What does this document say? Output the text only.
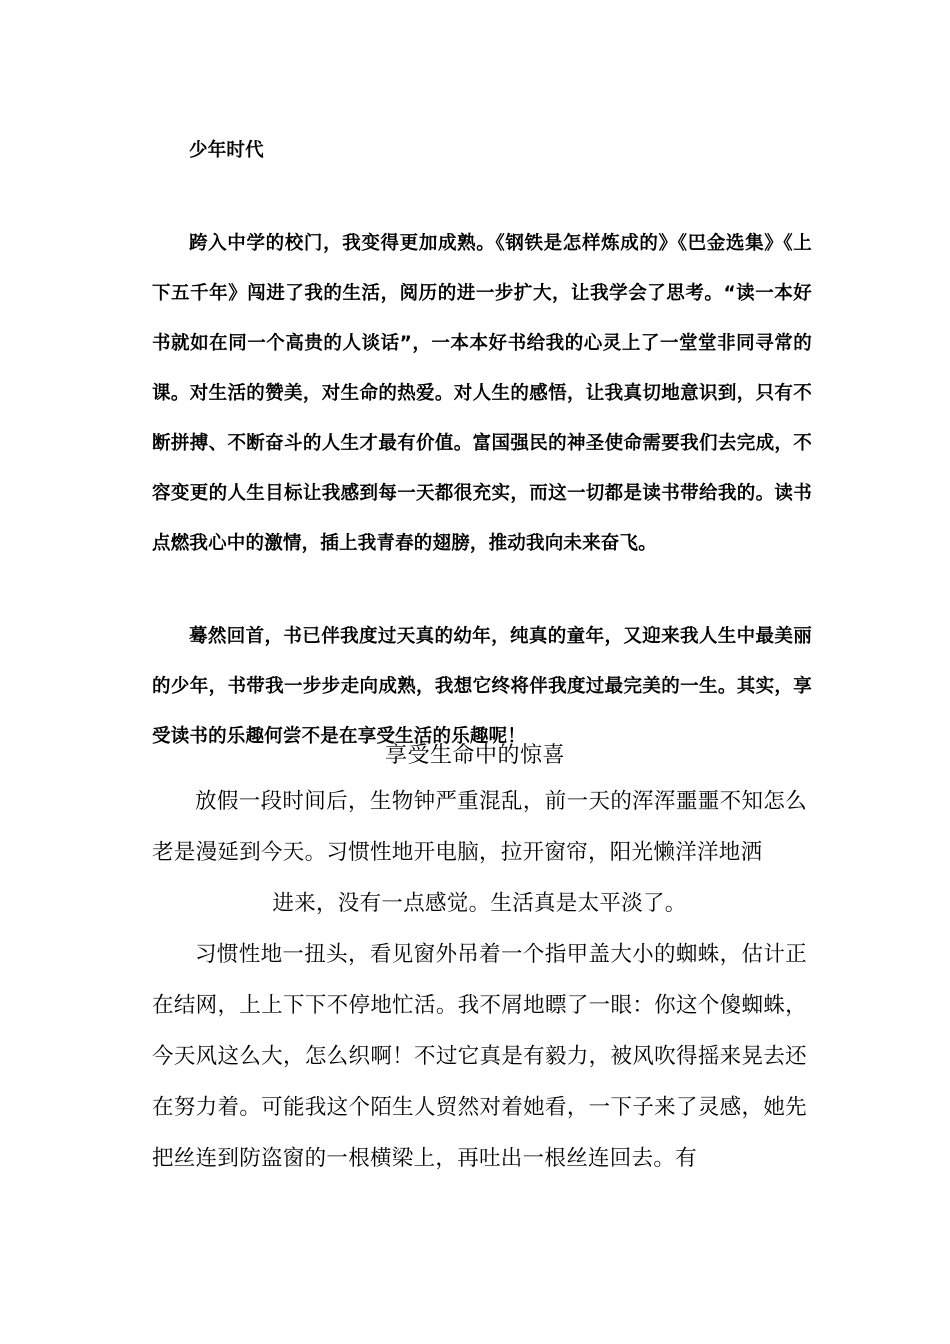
少年时代

跨入中学的校门，我变得更加成熟。《钢铁是怎样炼成的》《巴金选集》《上下五千年》闯进了我的生活，阅历的进一步扩大，让我学会了思考。“读一本好书就如在同一个高贵的人谈话”，一本本好书给我的心灵上了一堂堂非同寻常的课。对生活的赞美，对生命的热爱。对人生的感悟，让我真切地意识到，只有不断拼搏、不断奋斗的人生才最有价值。富国强民的神圣使命需要我们去完成，不容变更的人生目标让我感到每一天都很充实，而这一切都是读书带给我的。读书点燃我心中的激情，插上我青春的翅膀，推动我向未来奋飞。

蓦然回首，书已伴我度过天真的幼年，纯真的童年，又迎来我人生中最美丽的少年，书带我一步步走向成熟，我想它终将伴我度过最完美的一生。其实，享受读书的乐趣何尝不是在享受生活的乐趣呢！

享受生命中的惊喜

放假一段时间后，生物钟严重混乱，前一天的浑浑噩噩不知怎么老是漫延到今天。习惯性地开电脑，拉开窗帘，阳光懒洋洋地洒

进来，没有一点感觉。生活真是太平淡了。

习惯性地一扭头，看见窗外吊着一个指甲盖大小的蜘蛛，估计正在结网，上上下下不停地忙活。我不屑地瞟了一眼：你这个傻蜘蛛，今天风这么大，怎么织啊！不过它真是有毅力，被风吹得摇来晃去还在努力着。可能我这个陌生人贸然对着她看，一下子来了灵感，她先把丝连到防盗窗的一根横梁上，再吐出一根丝连回去。有
